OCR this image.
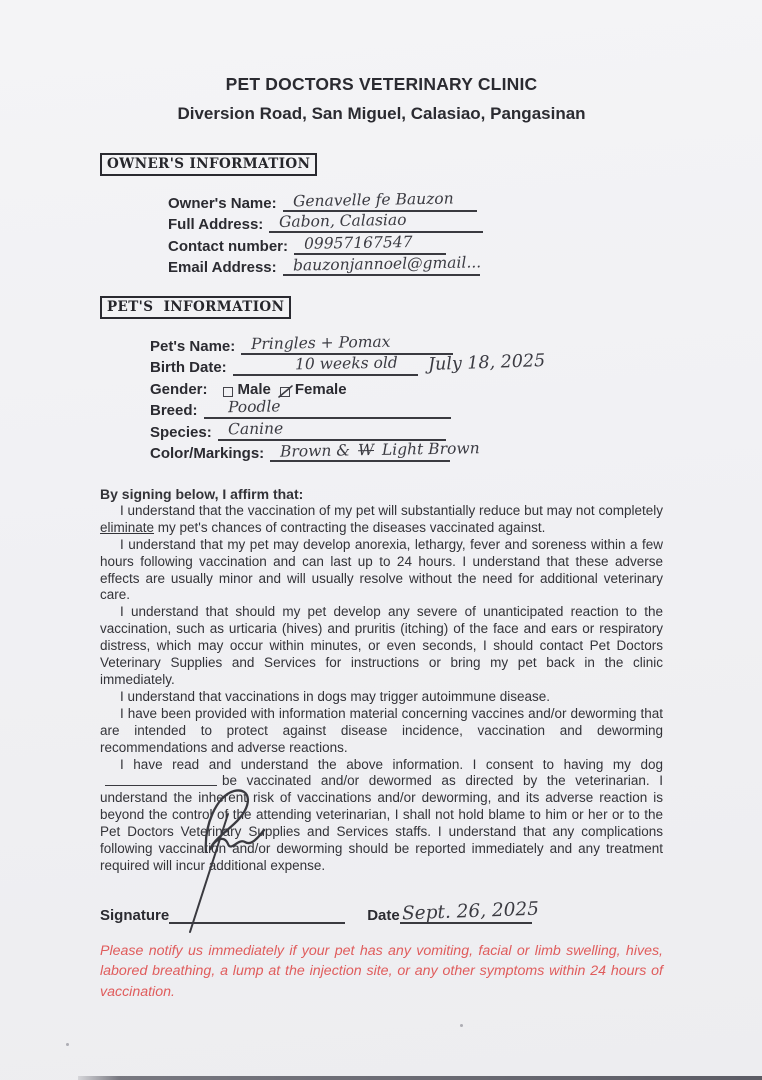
PET DOCTORS VETERINARY CLINIC
Diversion Road, San Miguel, Calasiao, Pangasinan
OWNER'S INFORMATION
Owner's Name:	Genavelle fe Bauzon
Full Address:	Gabon, Calasiao
Contact number:	09957167547
Email Address:	bauzonjannoel@gmail...
PET'S  INFORMATION
Pet's Name:	Pringles + Pomax
Birth Date:	10 weeks old	July 18, 2025
Gender:	Male Female
Breed:	Poodle
Species:	Canine
Color/Markings:	Brown & W Light Brown
By signing below, I affirm that:

I understand that the vaccination of my pet will substantially reduce but may not completely eliminate my pet's chances of contracting the diseases vaccinated against.

I understand that my pet may develop anorexia, lethargy, fever and soreness within a few hours following vaccination and can last up to 24 hours. I understand that these adverse effects are usually minor and will usually resolve without the need for additional veterinary care.

I understand that should my pet develop any severe of unanticipated reaction to the vaccination, such as urticaria (hives) and pruritis (itching) of the face and ears or respiratory distress, which may occur within minutes, or even seconds, I should contact Pet Doctors Veterinary Supplies and Services for instructions or bring my pet back in the clinic immediately.

I understand that vaccinations in dogs may trigger autoimmune disease.

I have been provided with information material concerning vaccines and/or deworming that are intended to protect against disease incidence, vaccination and deworming recommendations and adverse reactions.

I have read and understand the above information. I consent to having my dogbe vaccinated and/or dewormed as directed by the veterinarian. I understand the inherent risk of vaccinations and/or deworming, and its adverse reaction is beyond the control of the attending veterinarian, I shall not hold blame to him or her or to the Pet Doctors Veterinary Supplies and Services staffs. I understand that any complications following vaccination and/or deworming should be reported immediately and any treatment required will incur additional expense.

Signature	Date Sept. 26, 2025
Please notify us immediately if your pet has any vomiting, facial or limb swelling, hives, labored breathing, a lump at the injection site, or any other symptoms within 24 hours of vaccination.
